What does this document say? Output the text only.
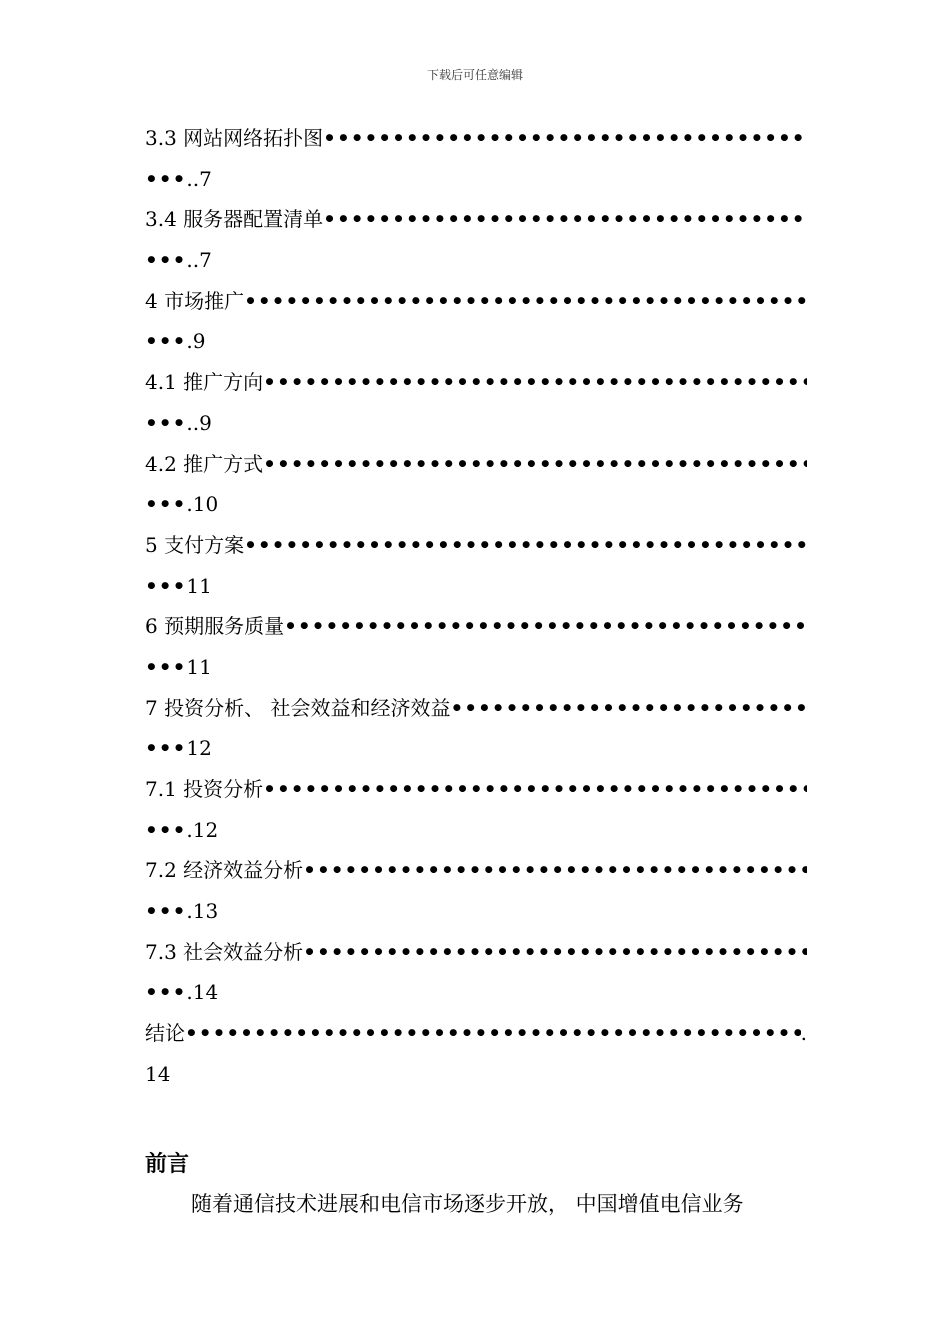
下载后可任意编辑
3.3 网站网络拓扑图
•••••
•••..7
3.4 服务器配置清单
•••••
•••..7
4 市场推广
•••••
•••.9
4.1 推广方向
•••••
•••..9
4.2 推广方式
•••••
•••.10
5 支付方案
•••••
•••11
6 预期服务质量
•••••
•••11
7 投资分析、 社会效益和经济效益
•••••
•••12
7.1 投资分析
•••••
•••.12
7.2 经济效益分析
•••••
•••.13
7.3 社会效益分析
•••••
•••.14
结论
•••••	.
14
前言
随着通信技术进展和电信市场逐步开放， 中国增值电信业务
